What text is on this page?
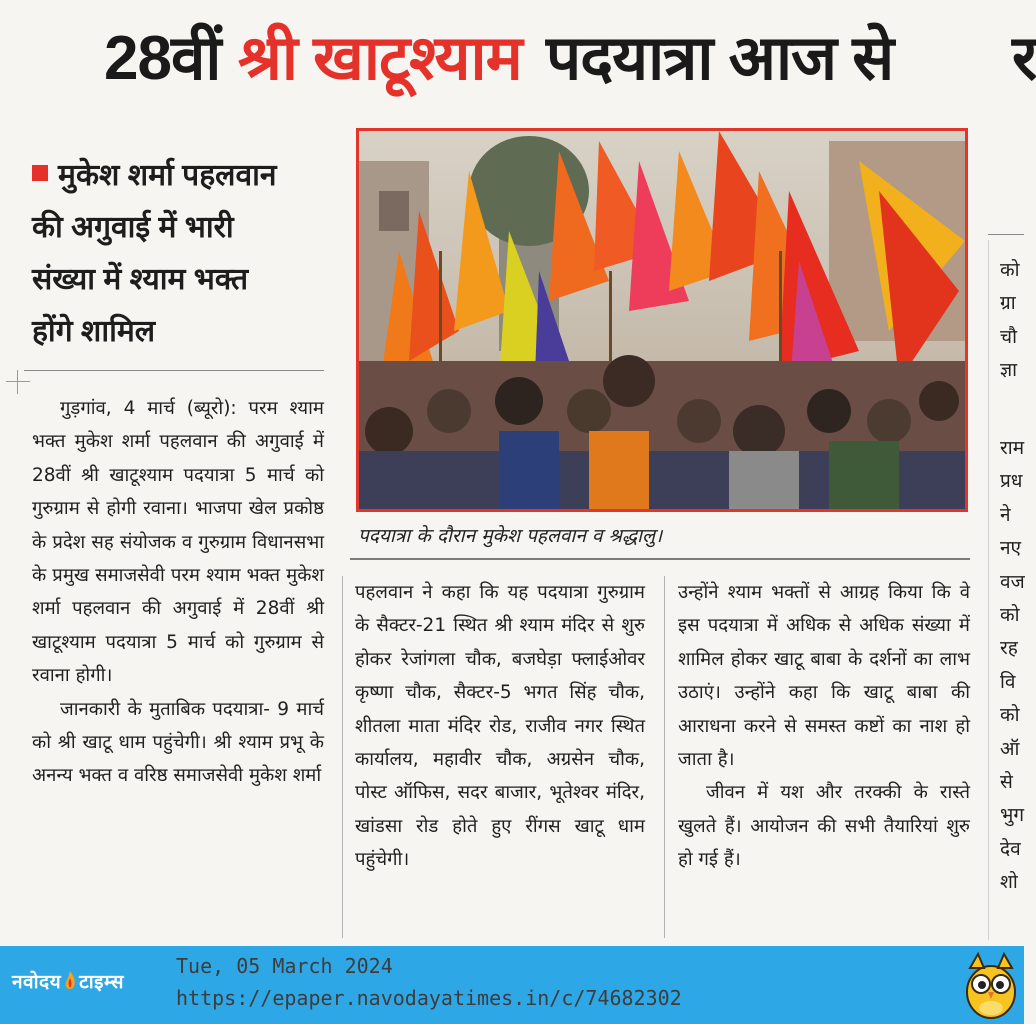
28वीं श्री खाटूश्याम पदयात्रा आज से र
मुकेश शर्मा पहलवान
की अगुवाई में भारी
संख्या में श्याम भक्त
होंगे शामिल

गुड़गांव, 4 मार्च (ब्यूरो): परम श्याम भक्त मुकेश शर्मा पहलवान की अगुवाई में 28वीं श्री खाटूश्याम पदयात्रा 5 मार्च को गुरुग्राम से होगी रवाना। भाजपा खेल प्रकोष्ठ के प्रदेश सह संयोजक व गुरुग्राम विधानसभा के प्रमुख समाजसेवी परम श्याम भक्त मुकेश शर्मा पहलवान की अगुवाई में 28वीं श्री खाटूश्याम पदयात्रा 5 मार्च को गुरुग्राम से रवाना होगी।

जानकारी के मुताबिक पदयात्रा- 9 मार्च को श्री खाटू धाम पहुंचेगी। श्री श्याम प्रभू के अनन्य भक्त व वरिष्ठ समाजसेवी मुकेश शर्मा

पदयात्रा के दौरान मुकेश पहलवान व श्रद्धालु।

पहलवान ने कहा कि यह पदयात्रा गुरुग्राम के सैक्टर-21 स्थित श्री श्याम मंदिर से शुरु होकर रेजांगला चौक, बजघेड़ा फ्लाईओवर कृष्णा चौक, सैक्टर-5 भगत सिंह चौक, शीतला माता मंदिर रोड, राजीव नगर स्थित कार्यालय, महावीर चौक, अग्रसेन चौक, पोस्ट ऑफिस, सदर बाजार, भूतेश्वर मंदिर, खांडसा रोड होते हुए रींगस खाटू धाम पहुंचेगी।

उन्होंने श्याम भक्तों से आग्रह किया कि वे इस पदयात्रा में अधिक से अधिक संख्या में शामिल होकर खाटू बाबा के दर्शनों का लाभ उठाएं। उन्होंने कहा कि खाटू बाबा की आराधना करने से समस्त कष्टों का नाश हो जाता है।

जीवन में यश और तरक्की के रास्ते खुलते हैं। आयोजन की सभी तैयारियां शुरु हो गई हैं।

को
ग्रा
चौ
ज्ञा
राम
प्रध
ने
नए
वज
को
रह
वि
को
ऑ
से
भुग
देव
शो
नवोदय टाइम्स
Tue, 05 March 2024
https://epaper.navodayatimes.in/c/74682302
